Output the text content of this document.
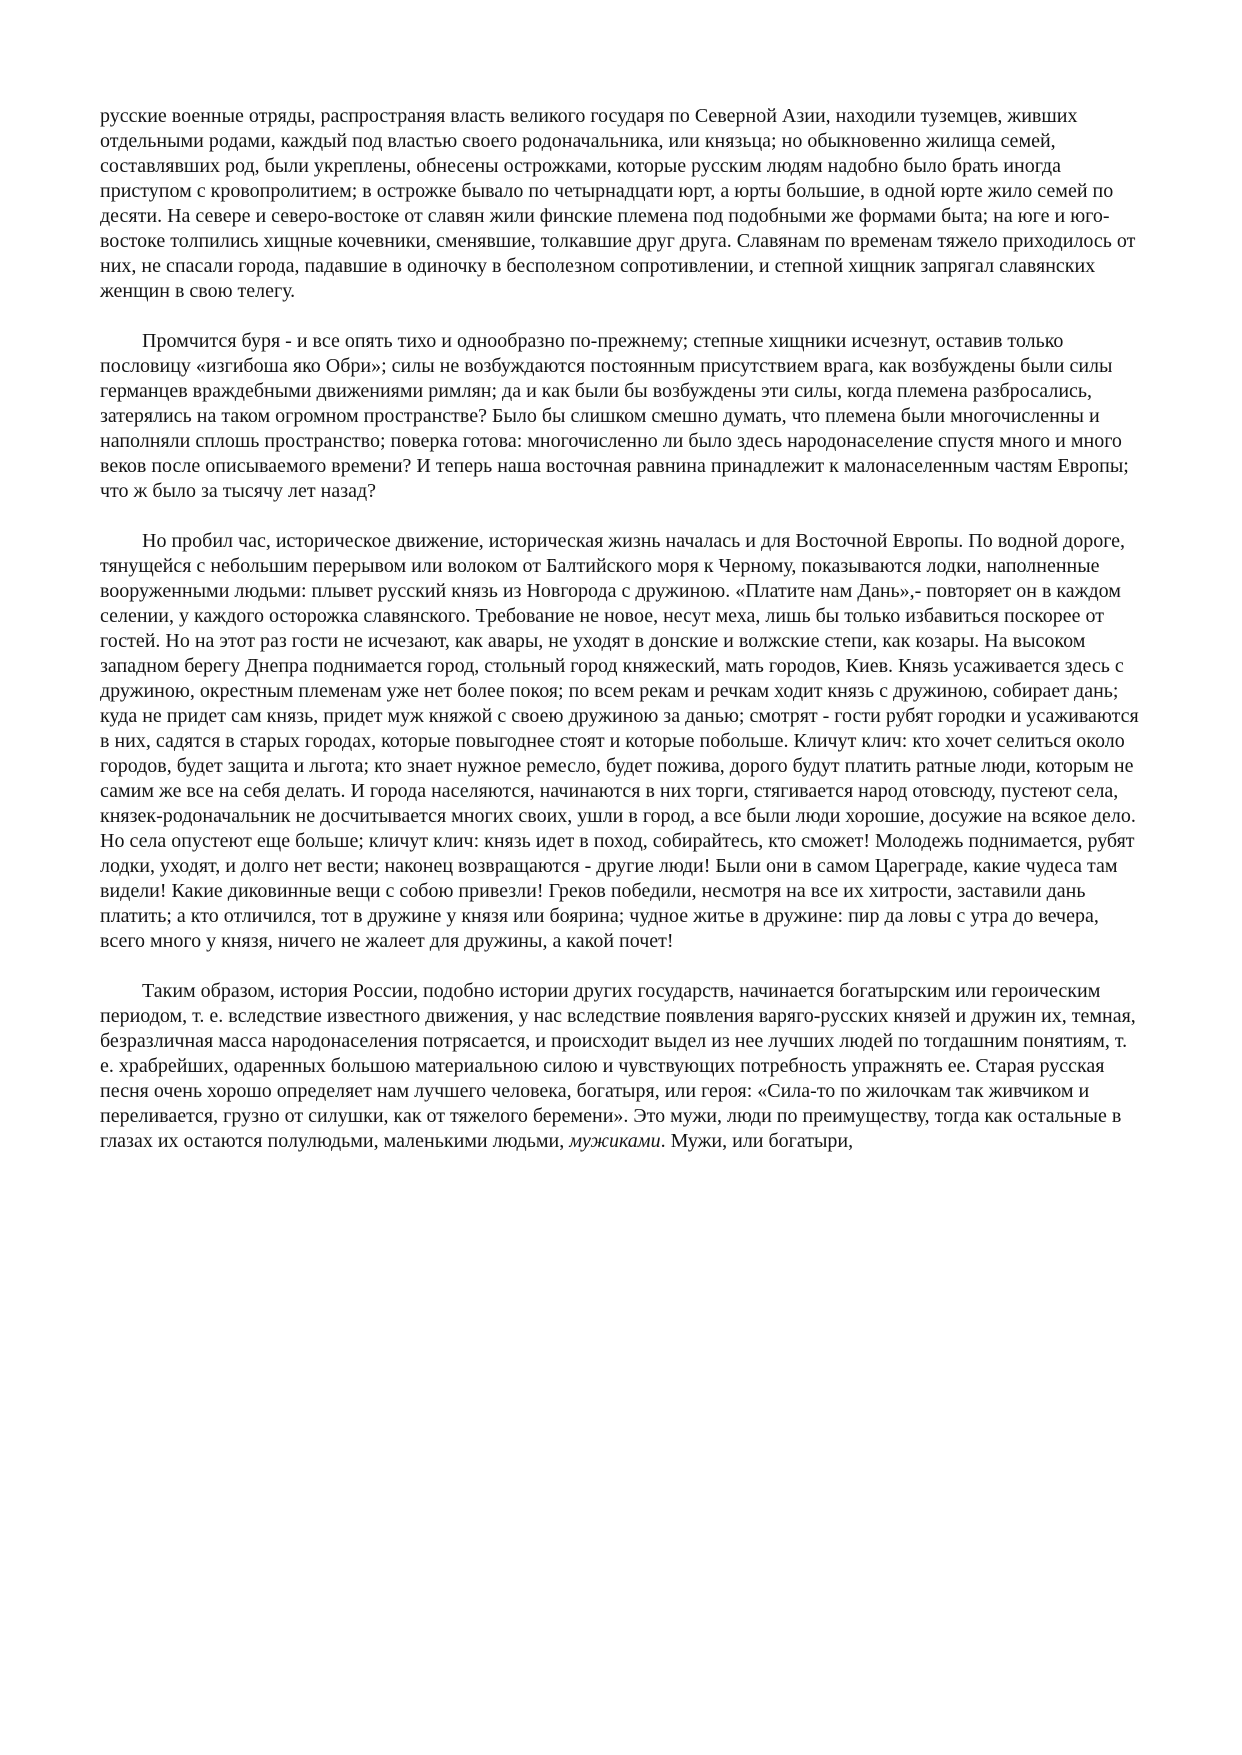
русские военные отряды, распространяя власть великого государя по Северной Азии, находили туземцев, живших отдельными родами, каждый под властью своего родоначальника, или князьца; но обыкновенно жилища семей, составлявших род, были укреплены, обнесены острожками, которые русским людям надобно было брать иногда приступом с кровопролитием; в острожке бывало по четырнадцати юрт, а юрты большие, в одной юрте жило семей по десяти. На севере и северо-востоке от славян жили финские племена под подобными же формами быта; на юге и юго-востоке толпились хищные кочевники, сменявшие, толкавшие друг друга. Славянам по временам тяжело приходилось от них, не спасали города, падавшие в одиночку в бесполезном сопротивлении, и степной хищник запрягал славянских женщин в свою телегу.

Промчится буря - и все опять тихо и однообразно по-прежнему; степные хищники исчезнут, оставив только пословицу «изгибоша яко Обри»; силы не возбуждаются постоянным присутствием врага, как возбуждены были силы германцев враждебными движениями римлян; да и как были бы возбуждены эти силы, когда племена разбросались, затерялись на таком огромном пространстве? Было бы слишком смешно думать, что племена были многочисленны и наполняли сплошь пространство; поверка готова: многочисленно ли было здесь народонаселение спустя много и много веков после описываемого времени? И теперь наша восточная равнина принадлежит к малонаселенным частям Европы; что ж было за тысячу лет назад?

Но пробил час, историческое движение, историческая жизнь началась и для Восточной Европы. По водной дороге, тянущейся с небольшим перерывом или волоком от Балтийского моря к Черному, показываются лодки, наполненные вооруженными людьми: плывет русский князь из Новгорода с дружиною. «Платите нам Дань»,- повторяет он в каждом селении, у каждого осторожка славянского. Требование не новое, несут меха, лишь бы только избавиться поскорее от гостей. Но на этот раз гости не исчезают, как авары, не уходят в донские и волжские степи, как козары. На высоком западном берегу Днепра поднимается город, стольный город княжеский, мать городов, Киев. Князь усаживается здесь с дружиною, окрестным племенам уже нет более покоя; по всем рекам и речкам ходит князь с дружиною, собирает дань; куда не придет сам князь, придет муж княжой с своею дружиною за данью; смотрят - гости рубят городки и усаживаются в них, садятся в старых городах, которые повыгоднее стоят и которые побольше. Кличут клич: кто хочет селиться около городов, будет защита и льгота; кто знает нужное ремесло, будет пожива, дорого будут платить ратные люди, которым не самим же все на себя делать. И города населяются, начинаются в них торги, стягивается народ отовсюду, пустеют села, князек-родоначальник не досчитывается многих своих, ушли в город, а все были люди хорошие, досужие на всякое дело. Но села опустеют еще больше; кличут клич: князь идет в поход, собирайтесь, кто сможет! Молодежь поднимается, рубят лодки, уходят, и долго нет вести; наконец возвращаются - другие люди! Были они в самом Цареграде, какие чудеса там видели! Какие диковинные вещи с собою привезли! Греков победили, несмотря на все их хитрости, заставили дань платить; а кто отличился, тот в дружине у князя или боярина; чудное житье в дружине: пир да ловы с утра до вечера, всего много у князя, ничего не жалеет для дружины, а какой почет!

Таким образом, история России, подобно истории других государств, начинается богатырским или героическим периодом, т. е. вследствие известного движения, у нас вследствие появления варяго-русских князей и дружин их, темная, безразличная масса народонаселения потрясается, и происходит выдел из нее лучших людей по тогдашним понятиям, т. е. храбрейших, одаренных большою материальною силою и чувствующих потребность упражнять ее. Старая русская песня очень хорошо определяет нам лучшего человека, богатыря, или героя: «Сила-то по жилочкам так живчиком и переливается, грузно от силушки, как от тяжелого беремени». Это мужи, люди по преимуществу, тогда как остальные в глазах их остаются полулюдьми, маленькими людьми, мужиками. Мужи, или богатыри,
